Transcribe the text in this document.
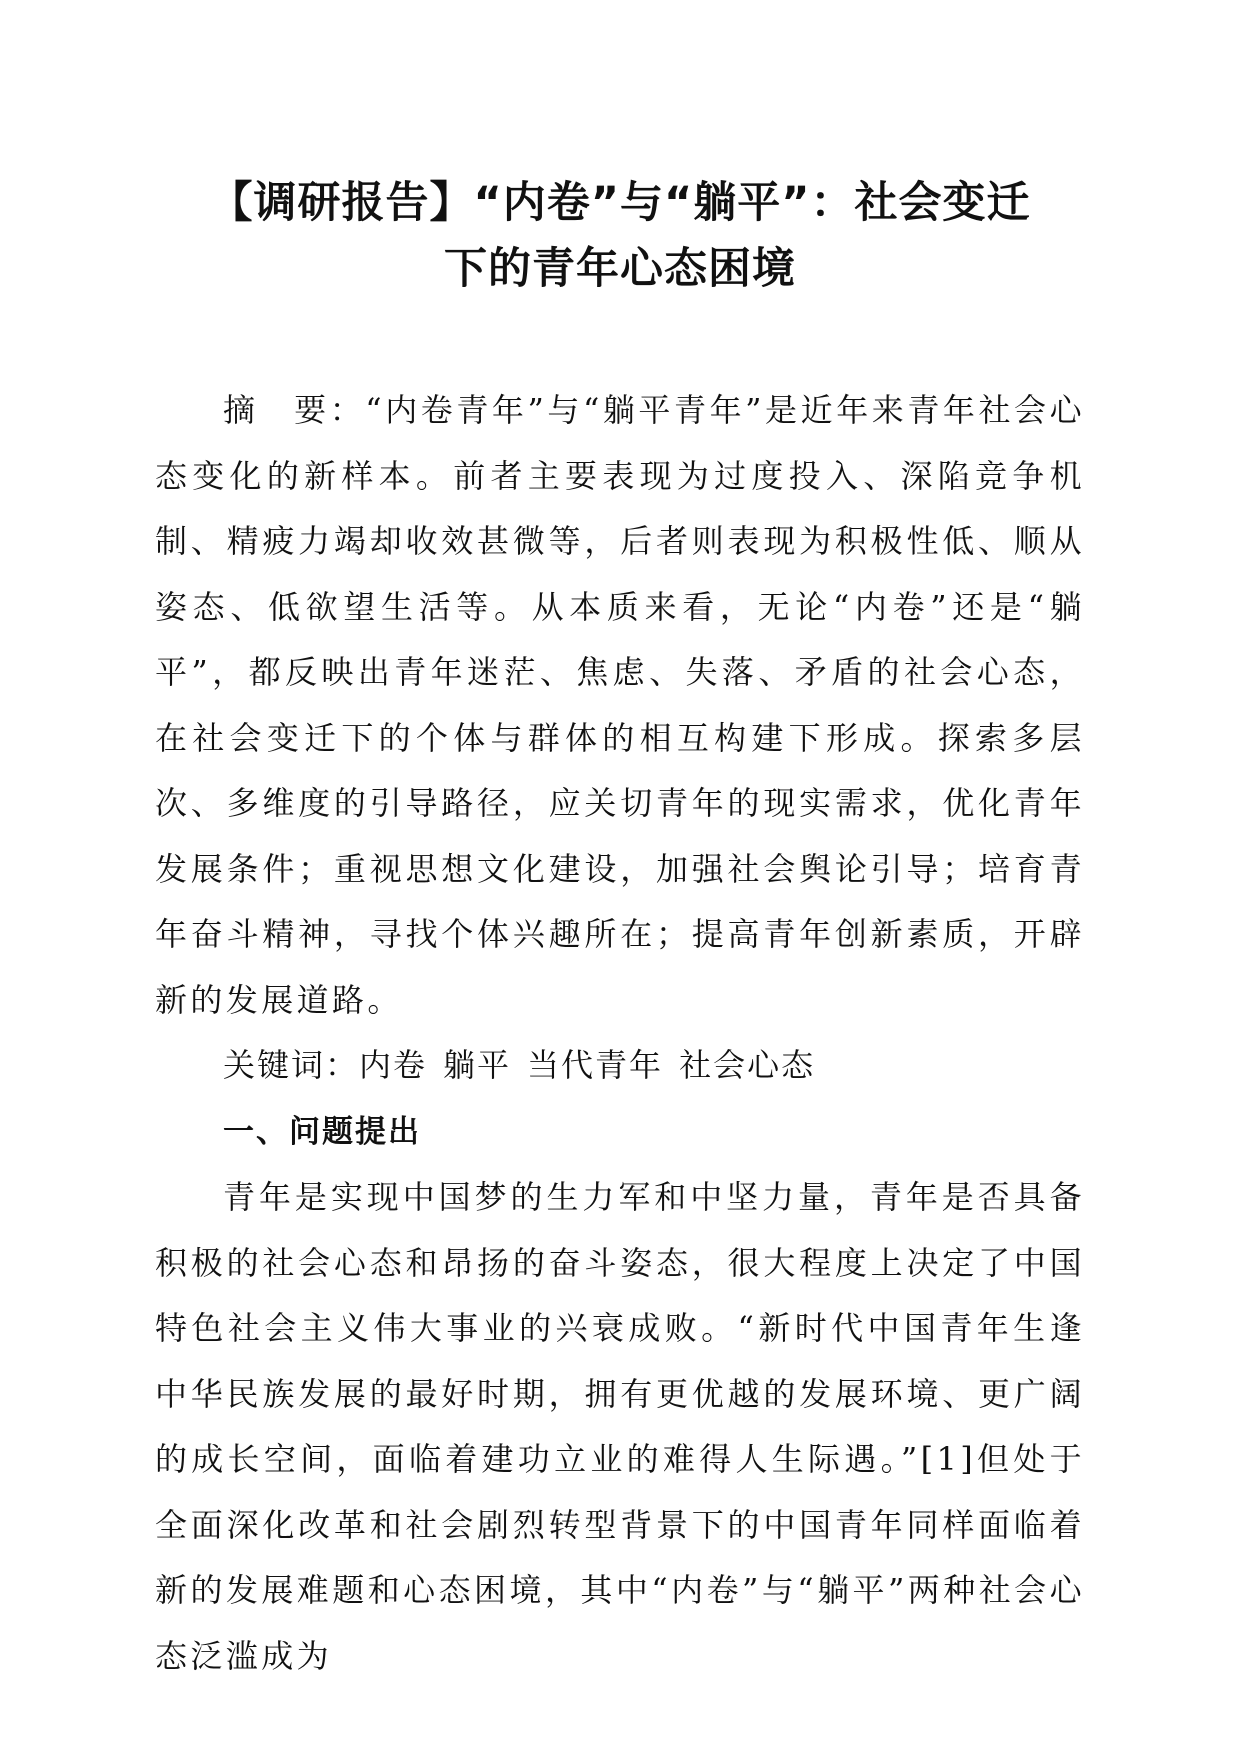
【调研报告】“内卷”与“躺平”：社会变迁
下的青年心态困境

摘　要：“内卷青年”与“躺平青年”是近年来青年社会心态变化的新样本。前者主要表现为过度投入、深陷竞争机制、精疲力竭却收效甚微等，后者则表现为积极性低、顺从姿态、低欲望生活等。从本质来看，无论“内卷”还是“躺平”，都反映出青年迷茫、焦虑、失落、矛盾的社会心态，在社会变迁下的个体与群体的相互构建下形成。探索多层次、多维度的引导路径，应关切青年的现实需求，优化青年发展条件；重视思想文化建设，加强社会舆论引导；培育青年奋斗精神，寻找个体兴趣所在；提高青年创新素质，开辟新的发展道路。

关键词：内卷 躺平 当代青年 社会心态

一、问题提出

青年是实现中国梦的生力军和中坚力量，青年是否具备积极的社会心态和昂扬的奋斗姿态，很大程度上决定了中国特色社会主义伟大事业的兴衰成败。“新时代中国青年生逢中华民族发展的最好时期，拥有更优越的发展环境、更广阔的成长空间，面临着建功立业的难得人生际遇。”[1]但处于全面深化改革和社会剧烈转型背景下的中国青年同样面临着新的发展难题和心态困境，其中“内卷”与“躺平”两种社会心态泛滥成为
